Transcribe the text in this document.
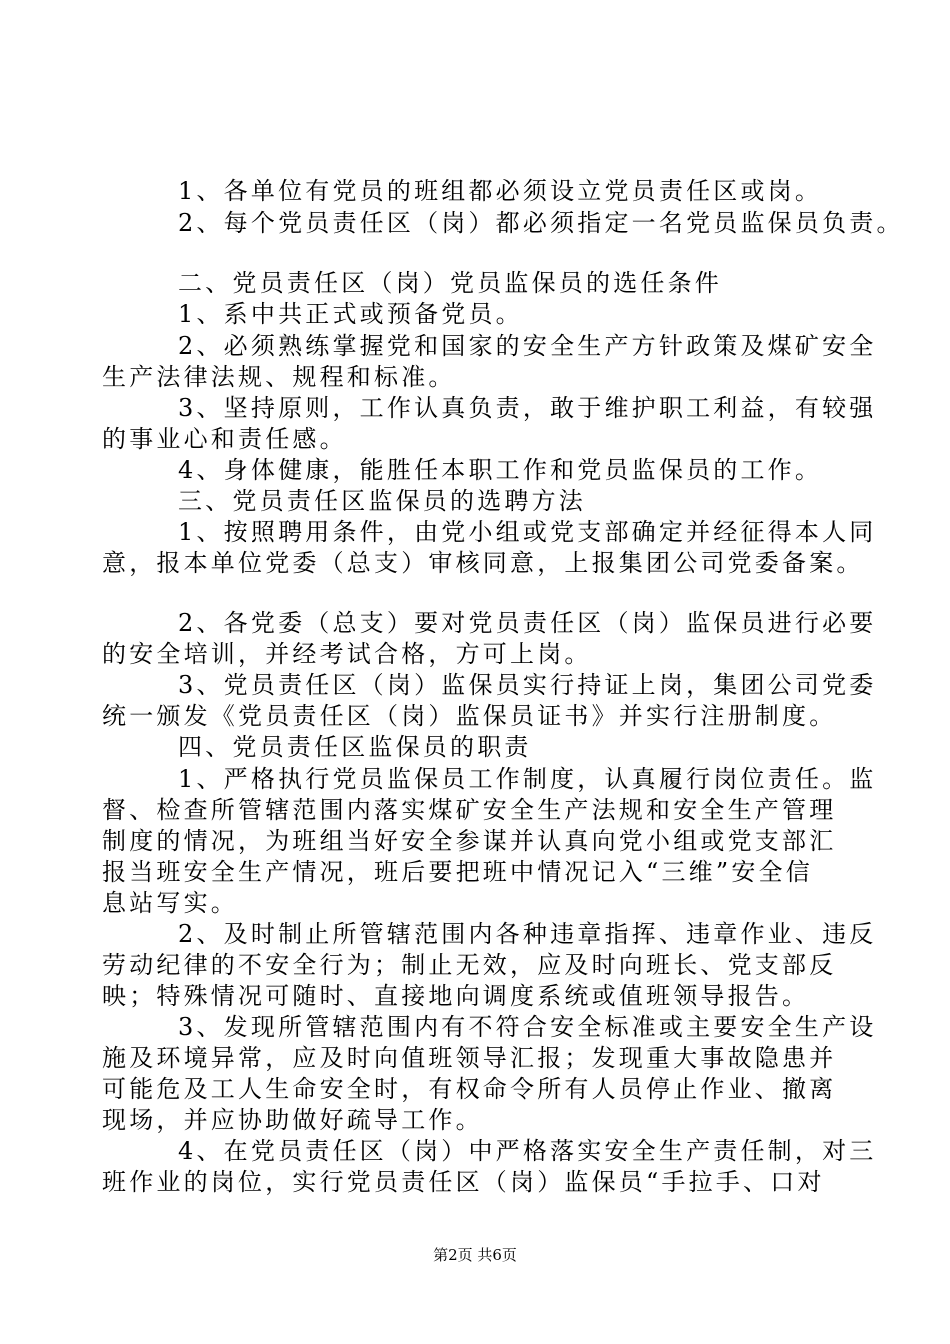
1、各单位有党员的班组都必须设立党员责任区或岗。
2、每个党员责任区（岗）都必须指定一名党员监保员负责。
二、党员责任区（岗）党员监保员的选任条件
1、系中共正式或预备党员。
2、必须熟练掌握党和国家的安全生产方针政策及煤矿安全
生产法律法规、规程和标准。
3、坚持原则，工作认真负责，敢于维护职工利益，有较强
的事业心和责任感。
4、身体健康，能胜任本职工作和党员监保员的工作。
三、党员责任区监保员的选聘方法
1、按照聘用条件，由党小组或党支部确定并经征得本人同
意，报本单位党委（总支）审核同意，上报集团公司党委备案。
2、各党委（总支）要对党员责任区（岗）监保员进行必要
的安全培训，并经考试合格，方可上岗。
3、党员责任区（岗）监保员实行持证上岗，集团公司党委
统一颁发《党员责任区（岗）监保员证书》并实行注册制度。
四、党员责任区监保员的职责
1、严格执行党员监保员工作制度，认真履行岗位责任。监
督、检查所管辖范围内落实煤矿安全生产法规和安全生产管理
制度的情况，为班组当好安全参谋并认真向党小组或党支部汇
报当班安全生产情况，班后要把班中情况记入“三维”安全信
息站写实。
2、及时制止所管辖范围内各种违章指挥、违章作业、违反
劳动纪律的不安全行为；制止无效，应及时向班长、党支部反
映；特殊情况可随时、直接地向调度系统或值班领导报告。
3、发现所管辖范围内有不符合安全标准或主要安全生产设
施及环境异常，应及时向值班领导汇报；发现重大事故隐患并
可能危及工人生命安全时，有权命令所有人员停止作业、撤离
现场，并应协助做好疏导工作。
4、在党员责任区（岗）中严格落实安全生产责任制，对三
班作业的岗位，实行党员责任区（岗）监保员“手拉手、口对
第2页 共6页
